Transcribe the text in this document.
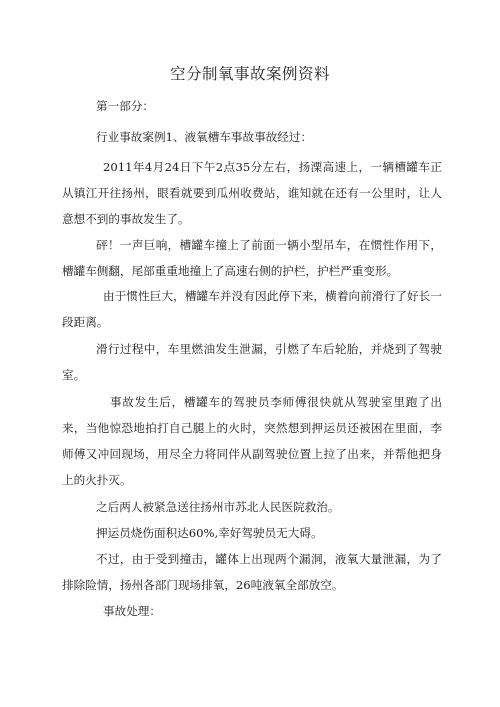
空分制氧事故案例资料

第一部分：

行业事故案例1、液氧槽车事故事故经过：

2011年4月24日下午2点35分左右，扬溧高速上，一辆槽罐车正从镇江开往扬州，眼看就要到瓜州收费站，谁知就在还有一公里时，让人意想不到的事故发生了。

砰！一声巨响，槽罐车撞上了前面一辆小型吊车，在惯性作用下，槽罐车侧翻，尾部重重地撞上了高速右侧的护栏，护栏严重变形。

由于惯性巨大，槽罐车并没有因此停下来，横着向前滑行了好长一段距离。

滑行过程中，车里燃油发生泄漏，引燃了车后轮胎，并烧到了驾驶室。

事故发生后，槽罐车的驾驶员李师傅很快就从驾驶室里跑了出来，当他惊恐地拍打自己腿上的火时，突然想到押运员还被困在里面，李师傅又冲回现场，用尽全力将同伴从副驾驶位置上拉了出来，并帮他把身上的火扑灭。

之后两人被紧急送往扬州市苏北人民医院救治。

押运员烧伤面积达60%,幸好驾驶员无大碍。

不过，由于受到撞击，罐体上出现两个漏洞，液氧大量泄漏，为了排除险情，扬州各部门现场排氧，26吨液氧全部放空。

事故处理：
